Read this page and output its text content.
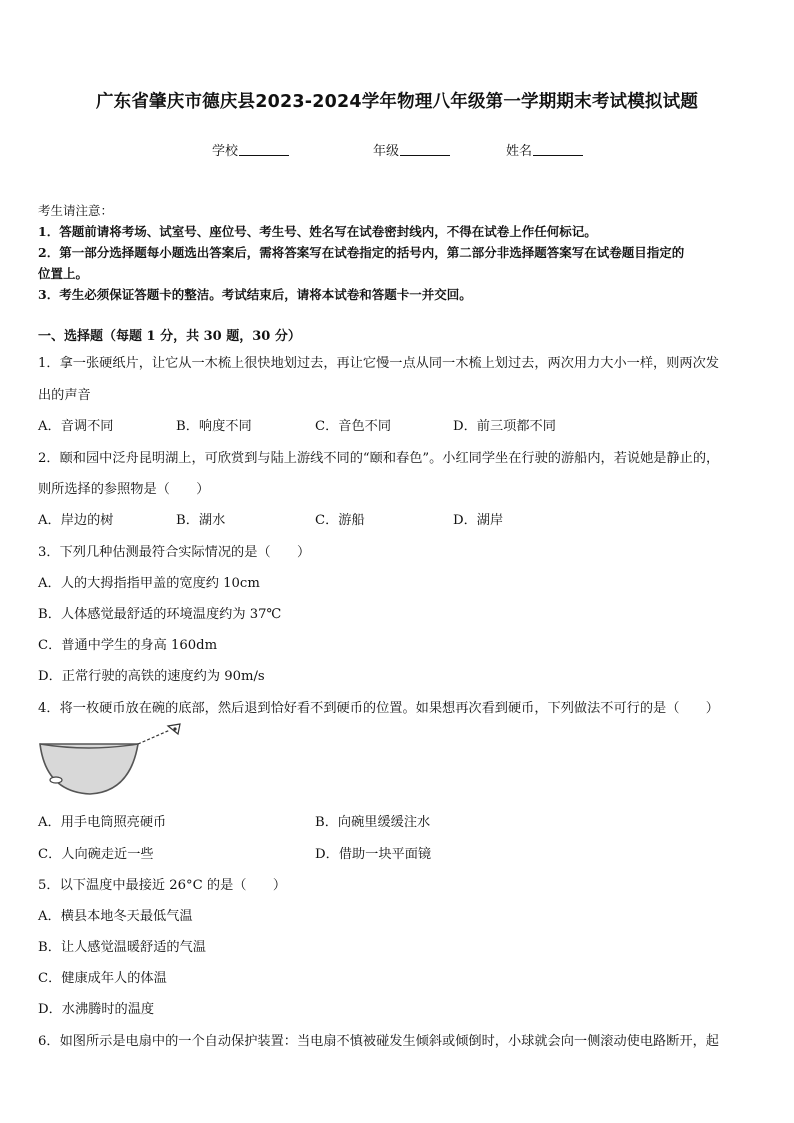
广东省肇庆市德庆县2023-2024学年物理八年级第一学期期末考试模拟试题
学校	年级	姓名
考生请注意：
1．答题前请将考场、试室号、座位号、考生号、姓名写在试卷密封线内，不得在试卷上作任何标记。
2．第一部分选择题每小题选出答案后，需将答案写在试卷指定的括号内，第二部分非选择题答案写在试卷题目指定的
位置上。
3．考生必须保证答题卡的整洁。考试结束后，请将本试卷和答题卡一并交回。
一、选择题（每题 1 分，共 30 题，30 分）
1．拿一张硬纸片，让它从一木梳上很快地划过去，再让它慢一点从同一木梳上划过去，两次用力大小一样，则两次发
出的声音
A．音调不同	B．响度不同	C．音色不同	D．前三项都不同
2．颐和园中泛舟昆明湖上，可欣赏到与陆上游线不同的“颐和春色”。小红同学坐在行驶的游船内，若说她是静止的，
则所选择的参照物是（　　）
A．岸边的树	B．湖水	C．游船	D．湖岸
3．下列几种估测最符合实际情况的是（　　）
A．人的大拇指指甲盖的宽度约 10cm
B．人体感觉最舒适的环境温度约为 37℃
C．普通中学生的身高 160dm
D．正常行驶的高铁的速度约为 90m/s
4．将一枚硬币放在碗的底部，然后退到恰好看不到硬币的位置。如果想再次看到硬币，下列做法不可行的是（　　）
A．用手电筒照亮硬币	B．向碗里缓缓注水
C．人向碗走近一些	D．借助一块平面镜
5．以下温度中最接近 26°C 的是（　　）
A．横县本地冬天最低气温
B．让人感觉温暖舒适的气温
C．健康成年人的体温
D．水沸腾时的温度
6．如图所示是电扇中的一个自动保护装置：当电扇不慎被碰发生倾斜或倾倒时，小球就会向一侧滚动使电路断开，起
